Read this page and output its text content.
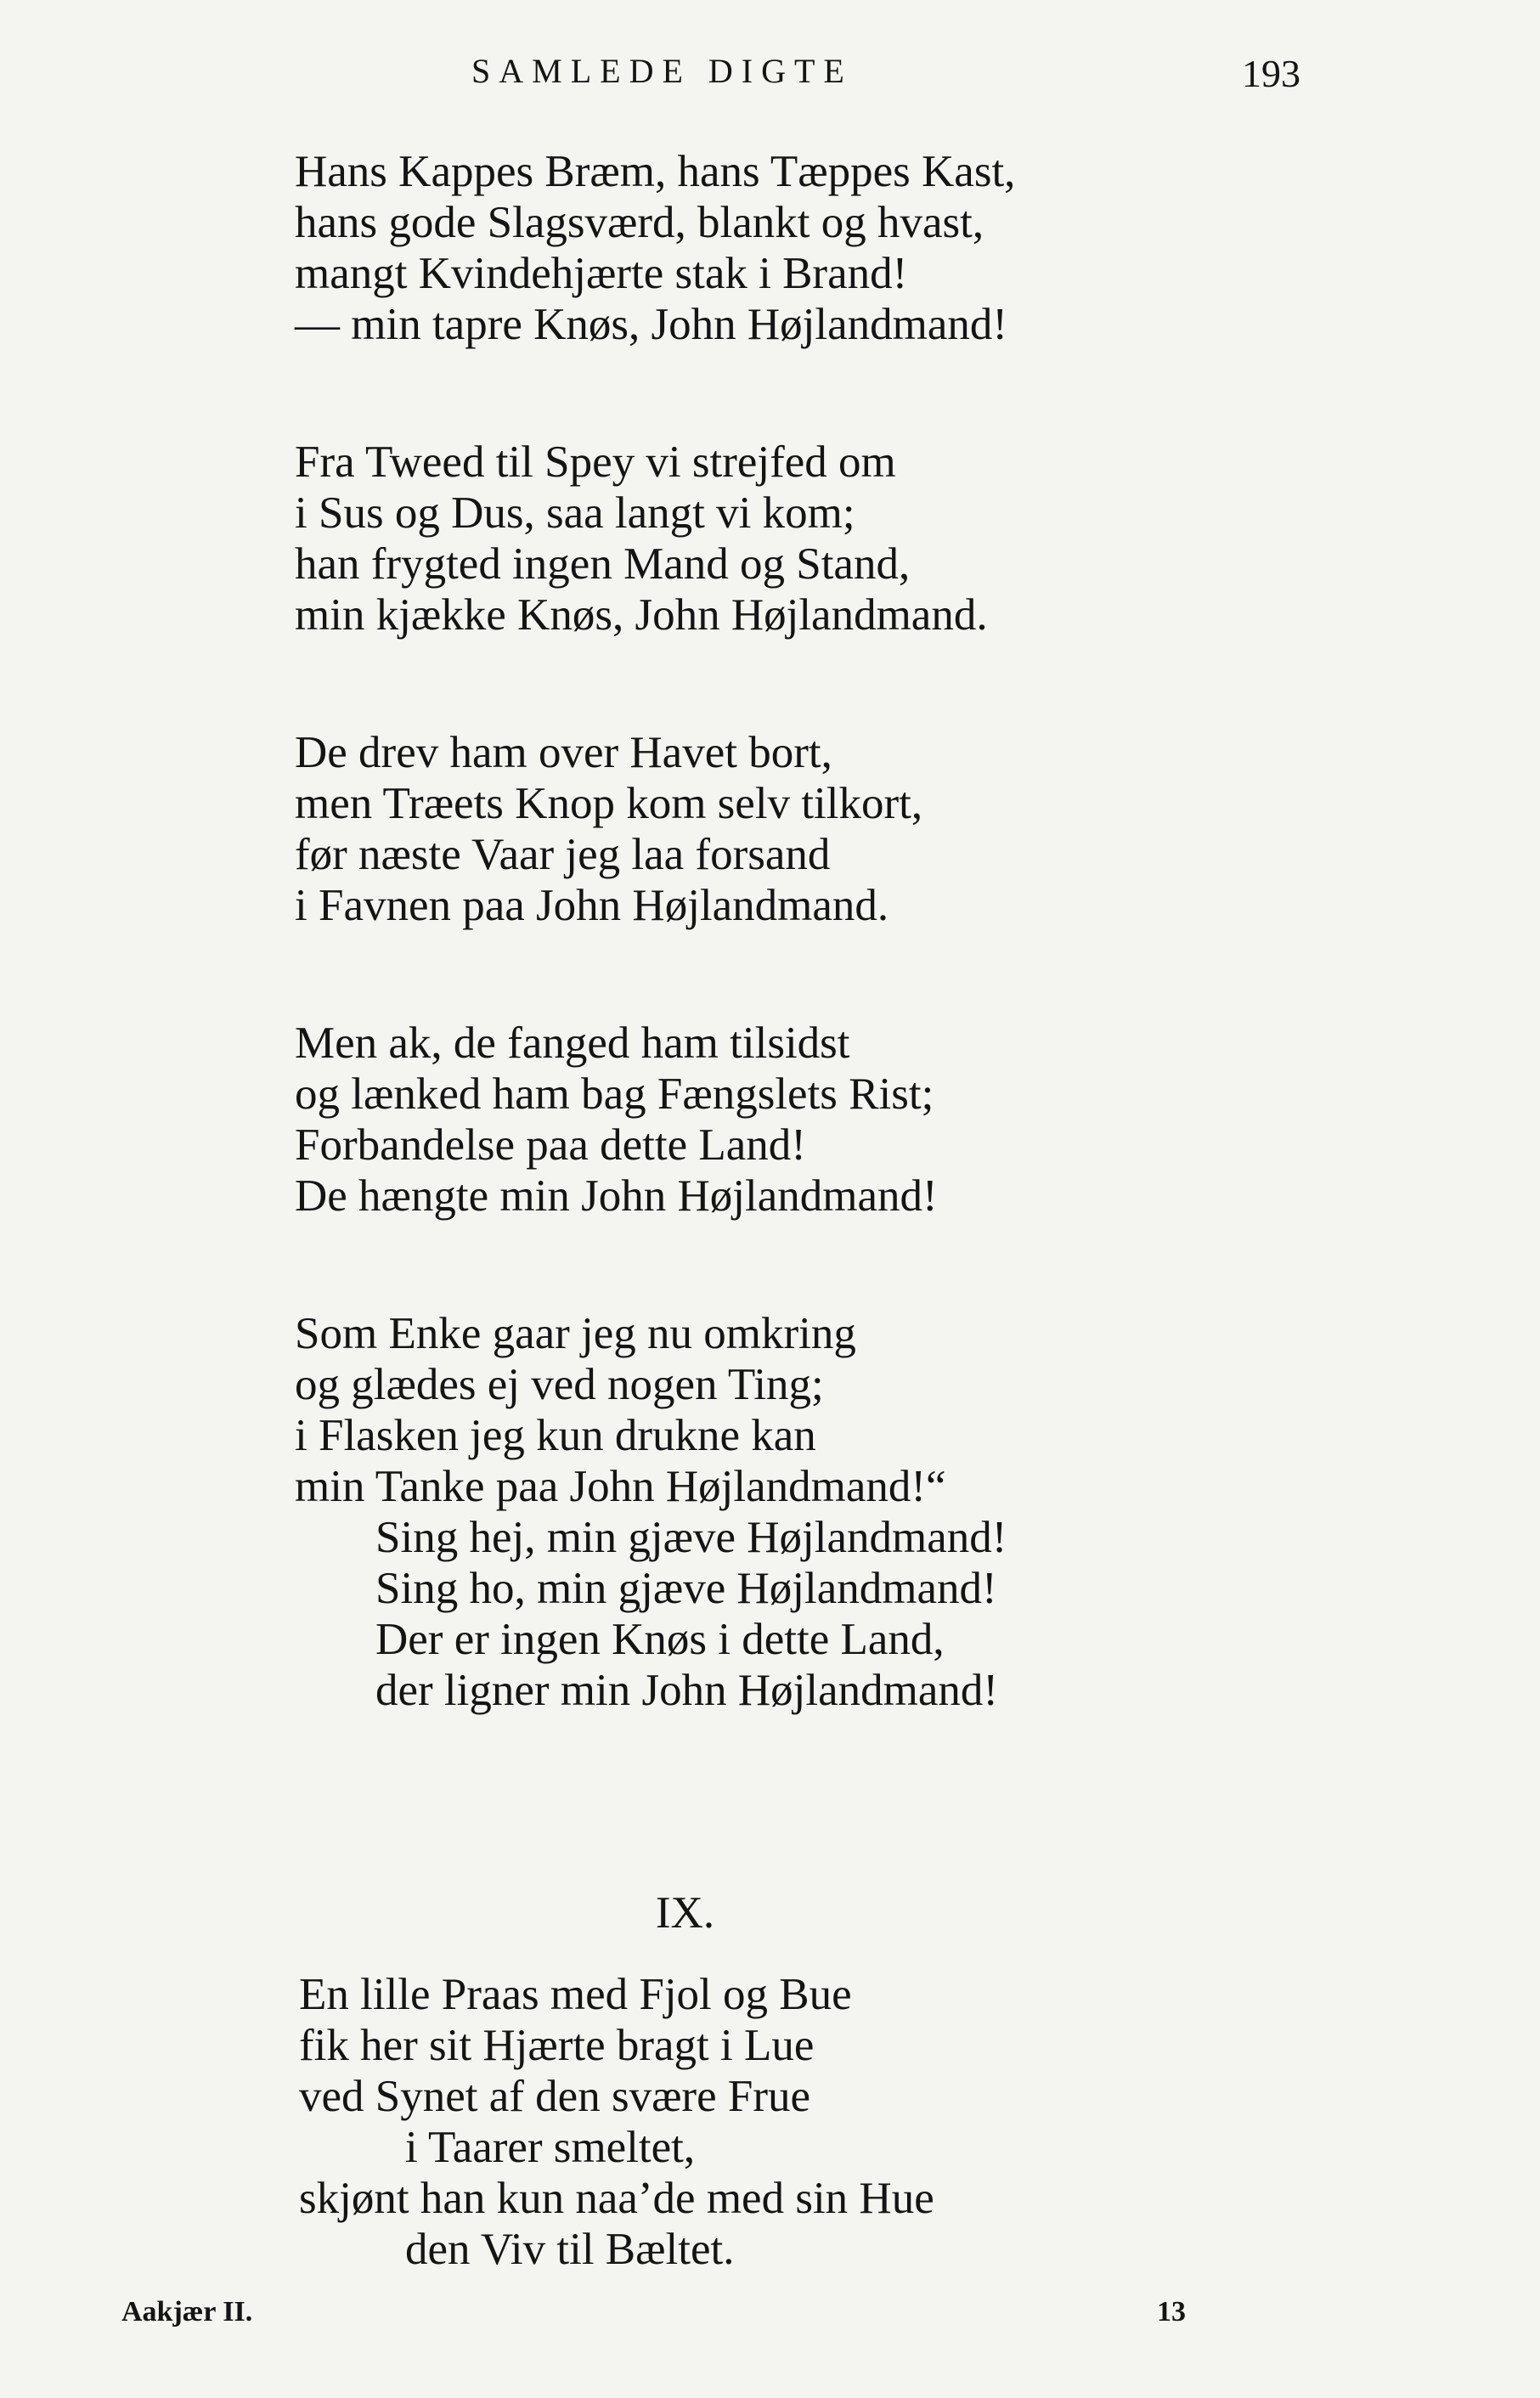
SAMLEDE DIGTE	193
Hans Kappes Bræm, hans Tæppes Kast,
hans gode Slagsværd, blankt og hvast,
mangt Kvindehjærte stak i Brand!
— min tapre Knøs, John Højlandmand!
Fra Tweed til Spey vi strejfed om
i Sus og Dus, saa langt vi kom;
han frygted ingen Mand og Stand,
min kjække Knøs, John Højlandmand.
De drev ham over Havet bort,
men Træets Knop kom selv tilkort,
før næste Vaar jeg laa forsand
i Favnen paa John Højlandmand.
Men ak, de fanged ham tilsidst
og lænked ham bag Fængslets Rist;
Forbandelse paa dette Land!
De hængte min John Højlandmand!
Som Enke gaar jeg nu omkring
og glædes ej ved nogen Ting;
i Flasken jeg kun drukne kan
min Tanke paa John Højlandmand!“
Sing hej, min gjæve Højlandmand!
Sing ho, min gjæve Højlandmand!
Der er ingen Knøs i dette Land,
der ligner min John Højlandmand!
IX.
En lille Praas med Fjol og Bue
fik her sit Hjærte bragt i Lue
ved Synet af den svære Frue
i Taarer smeltet,
skjønt han kun naa’de med sin Hue
den Viv til Bæltet.
Aakjær II.	13
